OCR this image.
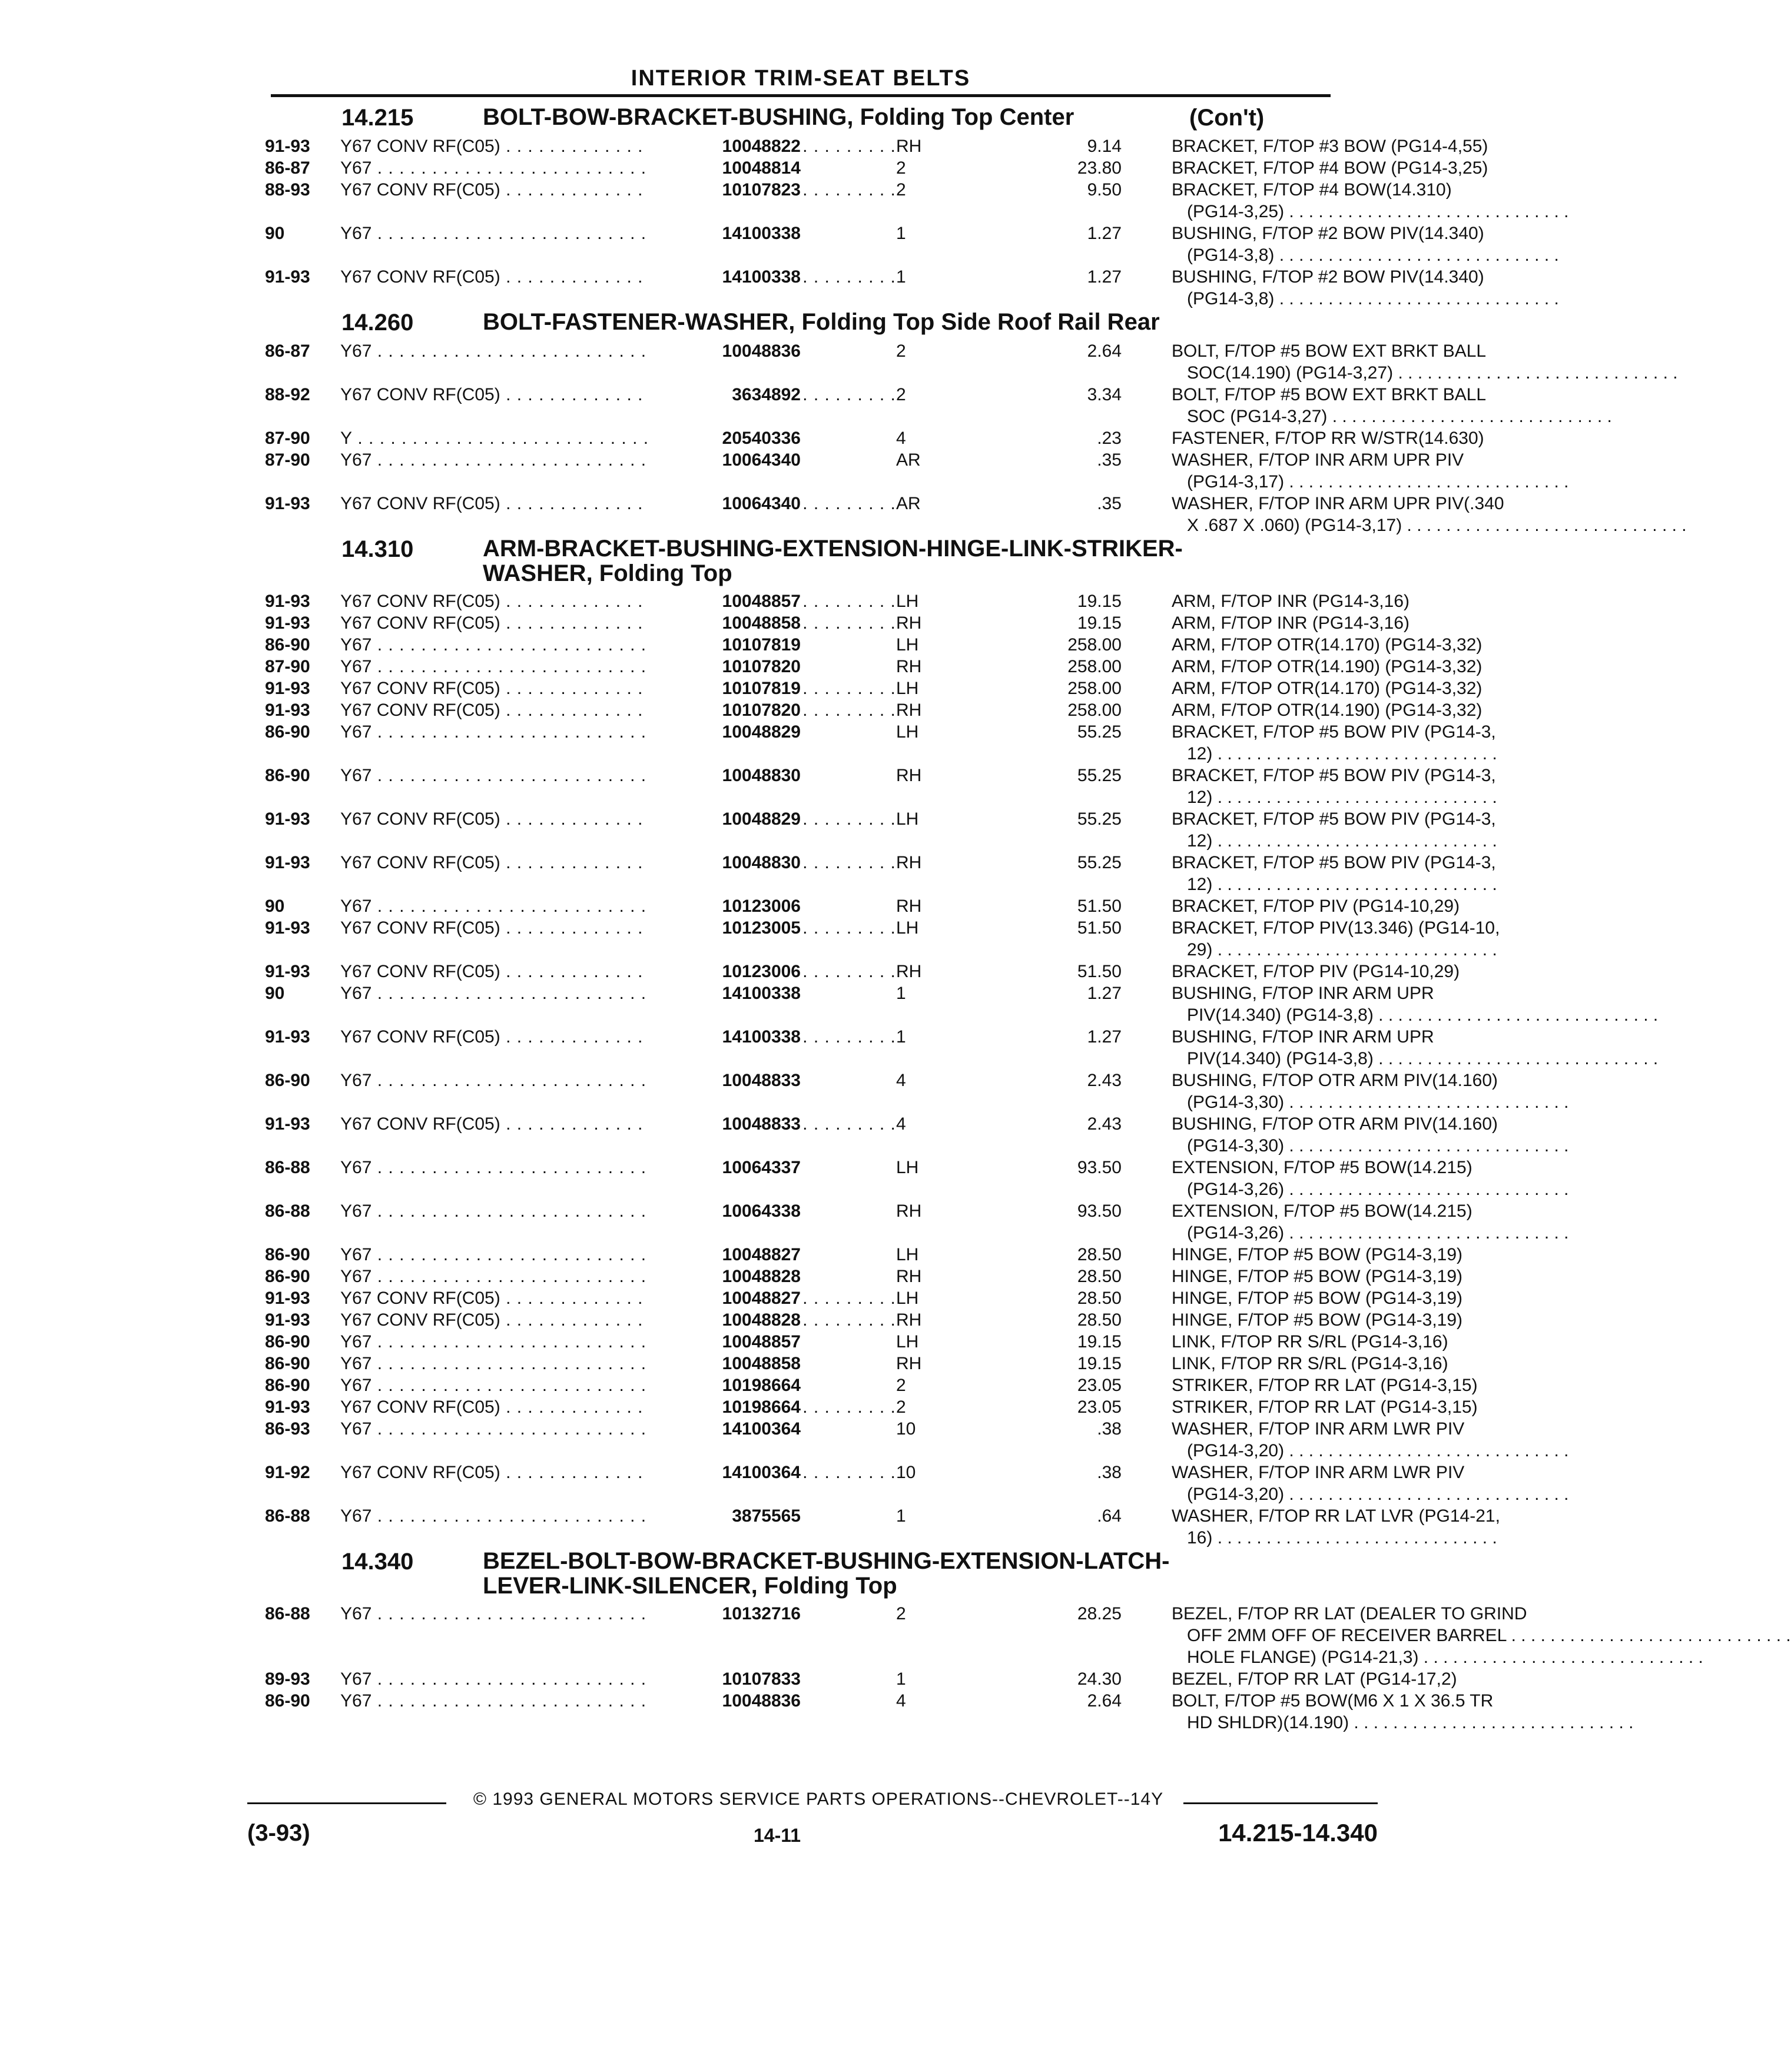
INTERIOR TRIM-SEAT BELTS
14.215	BOLT-BOW-BRACKET-BUSHING, Folding Top Center	(Con't)
91-93	Y67 CONV RF(C05) . . .	10048822	RH	9.14	BRACKET, F/TOP #3 BOW (PG14-4,55)
86-87	Y67 . . .	10048814	2	23.80	BRACKET, F/TOP #4 BOW (PG14-3,25)
88-93	Y67 CONV RF(C05) . . .	10107823	2	9.50	BRACKET, F/TOP #4 BOW(14.310)
(PG14-3,25) . . .
90	Y67 . . .	14100338	1	1.27	BUSHING, F/TOP #2 BOW PIV(14.340)
(PG14-3,8) . . .
91-93	Y67 CONV RF(C05) . . .	14100338	1	1.27	BUSHING, F/TOP #2 BOW PIV(14.340)
(PG14-3,8) . . .
14.260	BOLT-FASTENER-WASHER, Folding Top Side Roof Rail Rear
86-87	Y67 . . .	10048836	2	2.64	BOLT, F/TOP #5 BOW EXT BRKT BALL
SOC(14.190) (PG14-3,27) . . .
88-92	Y67 CONV RF(C05) . . .	3634892	2	3.34	BOLT, F/TOP #5 BOW EXT BRKT BALL
SOC (PG14-3,27) . . .
87-90	Y . . .	20540336	4	.23	FASTENER, F/TOP RR W/STR(14.630)
87-90	Y67 . . .	10064340	AR	.35	WASHER, F/TOP INR ARM UPR PIV
(PG14-3,17) . . .
91-93	Y67 CONV RF(C05) . . .	10064340	AR	.35	WASHER, F/TOP INR ARM UPR PIV(.340
X .687 X .060) (PG14-3,17) . . .
14.310	ARM-BRACKET-BUSHING-EXTENSION-HINGE-LINK-STRIKER-
WASHER, Folding Top
91-93	Y67 CONV RF(C05) . . .	10048857	LH	19.15	ARM, F/TOP INR (PG14-3,16)
91-93	Y67 CONV RF(C05) . . .	10048858	RH	19.15	ARM, F/TOP INR (PG14-3,16)
86-90	Y67 . . .	10107819	LH	258.00	ARM, F/TOP OTR(14.170) (PG14-3,32)
87-90	Y67 . . .	10107820	RH	258.00	ARM, F/TOP OTR(14.190) (PG14-3,32)
91-93	Y67 CONV RF(C05) . . .	10107819	LH	258.00	ARM, F/TOP OTR(14.170) (PG14-3,32)
91-93	Y67 CONV RF(C05) . . .	10107820	RH	258.00	ARM, F/TOP OTR(14.190) (PG14-3,32)
86-90	Y67 . . .	10048829	LH	55.25	BRACKET, F/TOP #5 BOW PIV (PG14-3,
12) . . .
86-90	Y67 . . .	10048830	RH	55.25	BRACKET, F/TOP #5 BOW PIV (PG14-3,
12) . . .
91-93	Y67 CONV RF(C05) . . .	10048829	LH	55.25	BRACKET, F/TOP #5 BOW PIV (PG14-3,
12) . . .
91-93	Y67 CONV RF(C05) . . .	10048830	RH	55.25	BRACKET, F/TOP #5 BOW PIV (PG14-3,
12) . . .
90	Y67 . . .	10123006	RH	51.50	BRACKET, F/TOP PIV (PG14-10,29)
91-93	Y67 CONV RF(C05) . . .	10123005	LH	51.50	BRACKET, F/TOP PIV(13.346) (PG14-10,
29) . . .
91-93	Y67 CONV RF(C05) . . .	10123006	RH	51.50	BRACKET, F/TOP PIV (PG14-10,29)
90	Y67 . . .	14100338	1	1.27	BUSHING, F/TOP INR ARM UPR
PIV(14.340) (PG14-3,8) . . .
91-93	Y67 CONV RF(C05) . . .	14100338	1	1.27	BUSHING, F/TOP INR ARM UPR
PIV(14.340) (PG14-3,8) . . .
86-90	Y67 . . .	10048833	4	2.43	BUSHING, F/TOP OTR ARM PIV(14.160)
(PG14-3,30) . . .
91-93	Y67 CONV RF(C05) . . .	10048833	4	2.43	BUSHING, F/TOP OTR ARM PIV(14.160)
(PG14-3,30) . . .
86-88	Y67 . . .	10064337	LH	93.50	EXTENSION, F/TOP #5 BOW(14.215)
(PG14-3,26) . . .
86-88	Y67 . . .	10064338	RH	93.50	EXTENSION, F/TOP #5 BOW(14.215)
(PG14-3,26) . . .
86-90	Y67 . . .	10048827	LH	28.50	HINGE, F/TOP #5 BOW (PG14-3,19)
86-90	Y67 . . .	10048828	RH	28.50	HINGE, F/TOP #5 BOW (PG14-3,19)
91-93	Y67 CONV RF(C05) . . .	10048827	LH	28.50	HINGE, F/TOP #5 BOW (PG14-3,19)
91-93	Y67 CONV RF(C05) . . .	10048828	RH	28.50	HINGE, F/TOP #5 BOW (PG14-3,19)
86-90	Y67 . . .	10048857	LH	19.15	LINK, F/TOP RR S/RL (PG14-3,16)
86-90	Y67 . . .	10048858	RH	19.15	LINK, F/TOP RR S/RL (PG14-3,16)
86-90	Y67 . . .	10198664	2	23.05	STRIKER, F/TOP RR LAT (PG14-3,15)
91-93	Y67 CONV RF(C05) . . .	10198664	2	23.05	STRIKER, F/TOP RR LAT (PG14-3,15)
86-93	Y67 . . .	14100364	10	.38	WASHER, F/TOP INR ARM LWR PIV
(PG14-3,20) . . .
91-92	Y67 CONV RF(C05) . . .	14100364	10	.38	WASHER, F/TOP INR ARM LWR PIV
(PG14-3,20) . . .
86-88	Y67 . . .	3875565	1	.64	WASHER, F/TOP RR LAT LVR (PG14-21,
16) . . .
14.340	BEZEL-BOLT-BOW-BRACKET-BUSHING-EXTENSION-LATCH-
LEVER-LINK-SILENCER, Folding Top
86-88	Y67 . . .	10132716	2	28.25	BEZEL, F/TOP RR LAT (DEALER TO GRIND
OFF 2MM OFF OF RECEIVER BARREL . . .
HOLE FLANGE) (PG14-21,3) . . .
89-93	Y67 . . .	10107833	1	24.30	BEZEL, F/TOP RR LAT (PG14-17,2)
86-90	Y67 . . .	10048836	4	2.64	BOLT, F/TOP #5 BOW(M6 X 1 X 36.5 TR
HD SHLDR)(14.190) . . .
© 1993 GENERAL MOTORS SERVICE PARTS OPERATIONS--CHEVROLET--14Y
(3-93)	14-11	14.215-14.340
